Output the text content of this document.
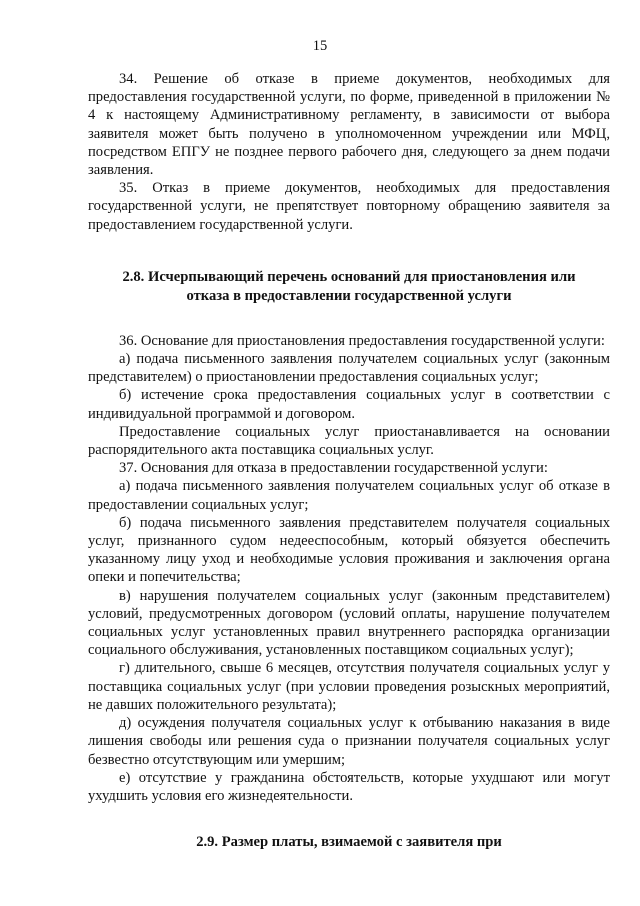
15

34. Решение об отказе в приеме документов, необходимых для предоставления государственной услуги, по форме, приведенной в приложении № 4 к настоящему Административному регламенту, в зависимости от выбора заявителя может быть получено в уполномоченном учреждении или МФЦ, посредством ЕПГУ не позднее первого рабочего дня, следующего за днем подачи заявления.

35. Отказ в приеме документов, необходимых для предоставления государственной услуги, не препятствует повторному обращению заявителя за предоставлением государственной услуги.

2.8. Исчерпывающий перечень оснований для приостановления или отказа в предоставлении государственной услуги

36. Основание для приостановления предоставления государственной услуги:

а) подача письменного заявления получателем социальных услуг (законным представителем) о приостановлении предоставления социальных услуг;

б) истечение срока предоставления социальных услуг в соответствии с индивидуальной программой и договором.

Предоставление социальных услуг приостанавливается на основании распорядительного акта поставщика социальных услуг.

37. Основания для отказа в предоставлении государственной услуги:

а) подача письменного заявления получателем социальных услуг об отказе в предоставлении социальных услуг;

б) подача письменного заявления представителем получателя социальных услуг, признанного судом недееспособным, который обязуется обеспечить указанному лицу уход и необходимые условия проживания и заключения органа опеки и попечительства;

в) нарушения получателем социальных услуг (законным представителем) условий, предусмотренных договором (условий оплаты, нарушение получателем социальных услуг установленных правил внутреннего распорядка организации социального обслуживания, установленных поставщиком социальных услуг);

г) длительного, свыше 6 месяцев, отсутствия получателя социальных услуг у поставщика социальных услуг (при условии проведения розыскных мероприятий, не давших положительного результата);

д) осуждения получателя социальных услуг к отбыванию наказания в виде лишения свободы или решения суда о признании получателя социальных услуг безвестно отсутствующим или умершим;

е) отсутствие у гражданина обстоятельств, которые ухудшают или могут ухудшить условия его жизнедеятельности.

2.9. Размер платы, взимаемой с заявителя при
